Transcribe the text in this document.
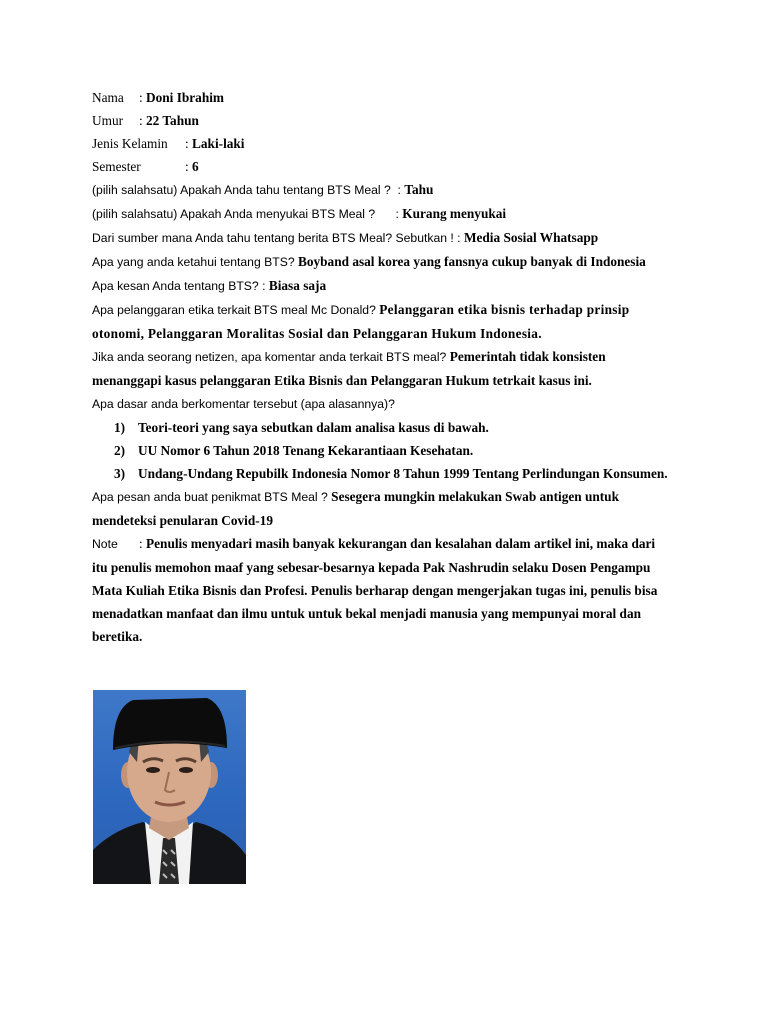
Nama : Doni Ibrahim
Umur : 22 Tahun
Jenis Kelamin : Laki-laki
Semester	: 6
(pilih salahsatu) Apakah Anda tahu tentang BTS Meal ?  : Tahu
(pilih salahsatu) Apakah Anda menyukai BTS Meal ?      : Kurang menyukai
Dari sumber mana Anda tahu tentang berita BTS Meal? Sebutkan ! : Media Sosial Whatsapp
Apa yang anda ketahui tentang BTS? Boyband asal korea yang fansnya cukup banyak di Indonesia
Apa kesan Anda tentang BTS? : Biasa saja
Apa pelanggaran etika terkait BTS meal Mc Donald? Pelanggaran etika bisnis terhadap prinsip otonomi, Pelanggaran Moralitas Sosial dan Pelanggaran Hukum Indonesia.
Jika anda seorang netizen, apa komentar anda terkait BTS meal? Pemerintah tidak konsisten menanggapi kasus pelanggaran Etika Bisnis dan Pelanggaran Hukum tetrkait kasus ini.
Apa dasar anda berkomentar tersebut (apa alasannya)?
1) Teori-teori yang saya sebutkan dalam analisa kasus di bawah.
2) UU Nomor 6 Tahun 2018 Tenang Kekarantiaan Kesehatan.
3) Undang-Undang Repubilk Indonesia Nomor 8 Tahun 1999 Tentang Perlindungan Konsumen.
Apa pesan anda buat penikmat BTS Meal ? Sesegera mungkin melakukan Swab antigen untuk mendeteksi penularan Covid-19
Note : Penulis menyadari masih banyak kekurangan dan kesalahan dalam artikel ini, maka dari itu penulis memohon maaf yang sebesar-besarnya kepada Pak Nashrudin selaku Dosen Pengampu Mata Kuliah Etika Bisnis dan Profesi. Penulis berharap dengan mengerjakan tugas ini, penulis bisa menadatkan manfaat dan ilmu untuk untuk bekal menjadi manusia yang mempunyai moral dan beretika.
